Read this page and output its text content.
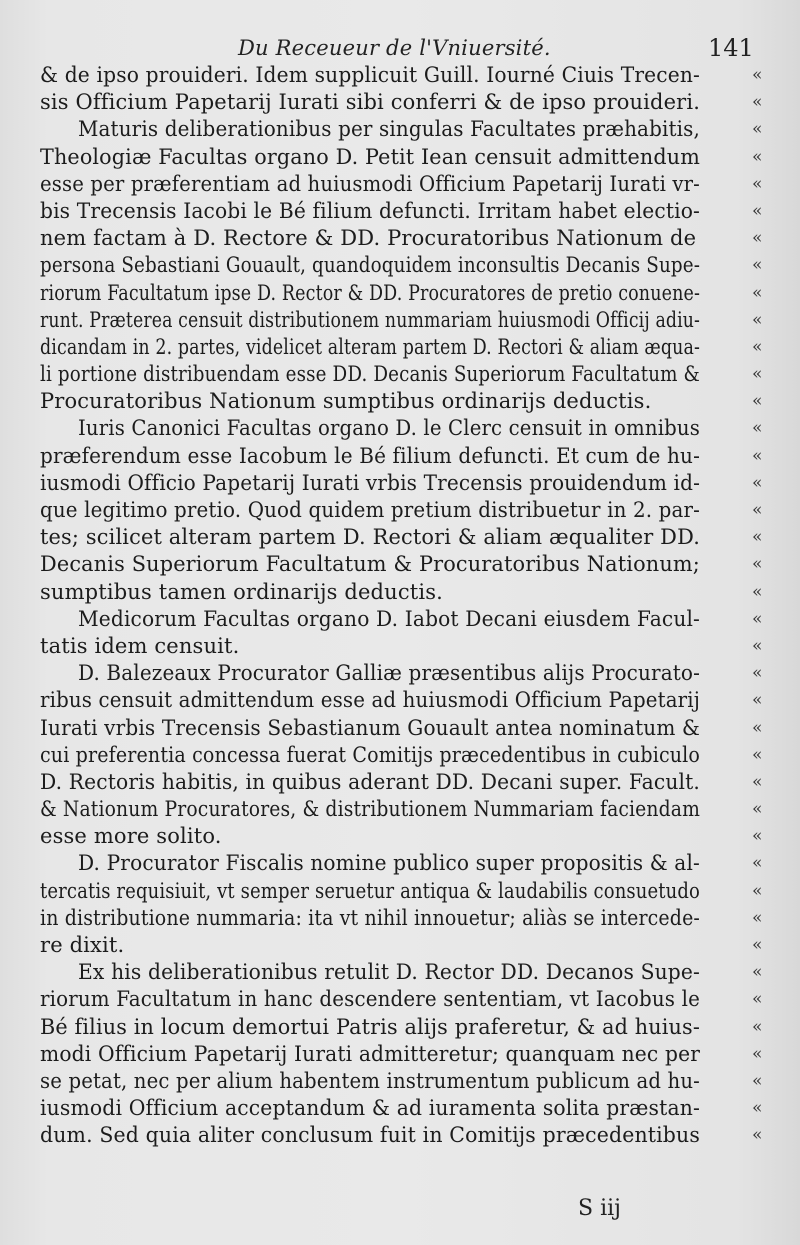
Du Receueur de l'Vniuersité.	141
& de ipso prouideri. Idem supplicuit Guill. Iourné Ciuis Trecen-	«
sis Officium Papetarij Iurati sibi conferri & de ipso prouideri.	«
Maturis deliberationibus per singulas Facultates præhabitis,	«
Theologiæ Facultas organo D. Petit Iean censuit admittendum	«
esse per præferentiam ad huiusmodi Officium Papetarij Iurati vr-	«
bis Trecensis Iacobi le Bé filium defuncti. Irritam habet electio-	«
nem factam à D. Rectore & DD. Procuratoribus Nationum de	«
persona Sebastiani Gouault, quandoquidem inconsultis Decanis Supe-	«
riorum Facultatum ipse D. Rector & DD. Procuratores de pretio conuene-	«
runt. Præterea censuit distributionem nummariam huiusmodi Officij adiu-	«
dicandam in 2. partes, videlicet alteram partem D. Rectori & aliam æqua-	«
li portione distribuendam esse DD. Decanis Superiorum Facultatum &	«
Procuratoribus Nationum sumptibus ordinarijs deductis.	«
Iuris Canonici Facultas organo D. le Clerc censuit in omnibus	«
præferendum esse Iacobum le Bé filium defuncti. Et cum de hu-	«
iusmodi Officio Papetarij Iurati vrbis Trecensis prouidendum id-	«
que legitimo pretio. Quod quidem pretium distribuetur in 2. par-	«
tes; scilicet alteram partem D. Rectori & aliam æqualiter DD.	«
Decanis Superiorum Facultatum & Procuratoribus Nationum;	«
sumptibus tamen ordinarijs deductis.	«
Medicorum Facultas organo D. Iabot Decani eiusdem Facul-	«
tatis idem censuit.	«
D. Balezeaux Procurator Galliæ præsentibus alijs Procurato-	«
ribus censuit admittendum esse ad huiusmodi Officium Papetarij	«
Iurati vrbis Trecensis Sebastianum Gouault antea nominatum &	«
cui preferentia concessa fuerat Comitijs præcedentibus in cubiculo	«
D. Rectoris habitis, in quibus aderant DD. Decani super. Facult.	«
& Nationum Procuratores, & distributionem Nummariam faciendam	«
esse more solito.	«
D. Procurator Fiscalis nomine publico super propositis & al-	«
tercatis requisiuit, vt semper seruetur antiqua & laudabilis consuetudo	«
in distributione nummaria: ita vt nihil innouetur; aliàs se intercede-	«
re dixit.	«
Ex his deliberationibus retulit D. Rector DD. Decanos Supe-	«
riorum Facultatum in hanc descendere sententiam, vt Iacobus le	«
Bé filius in locum demortui Patris alijs praferetur, & ad huius-	«
modi Officium Papetarij Iurati admitteretur; quanquam nec per	«
se petat, nec per alium habentem instrumentum publicum ad hu-	«
iusmodi Officium acceptandum & ad iuramenta solita præstan-	«
dum. Sed quia aliter conclusum fuit in Comitijs præcedentibus	«
S iij
